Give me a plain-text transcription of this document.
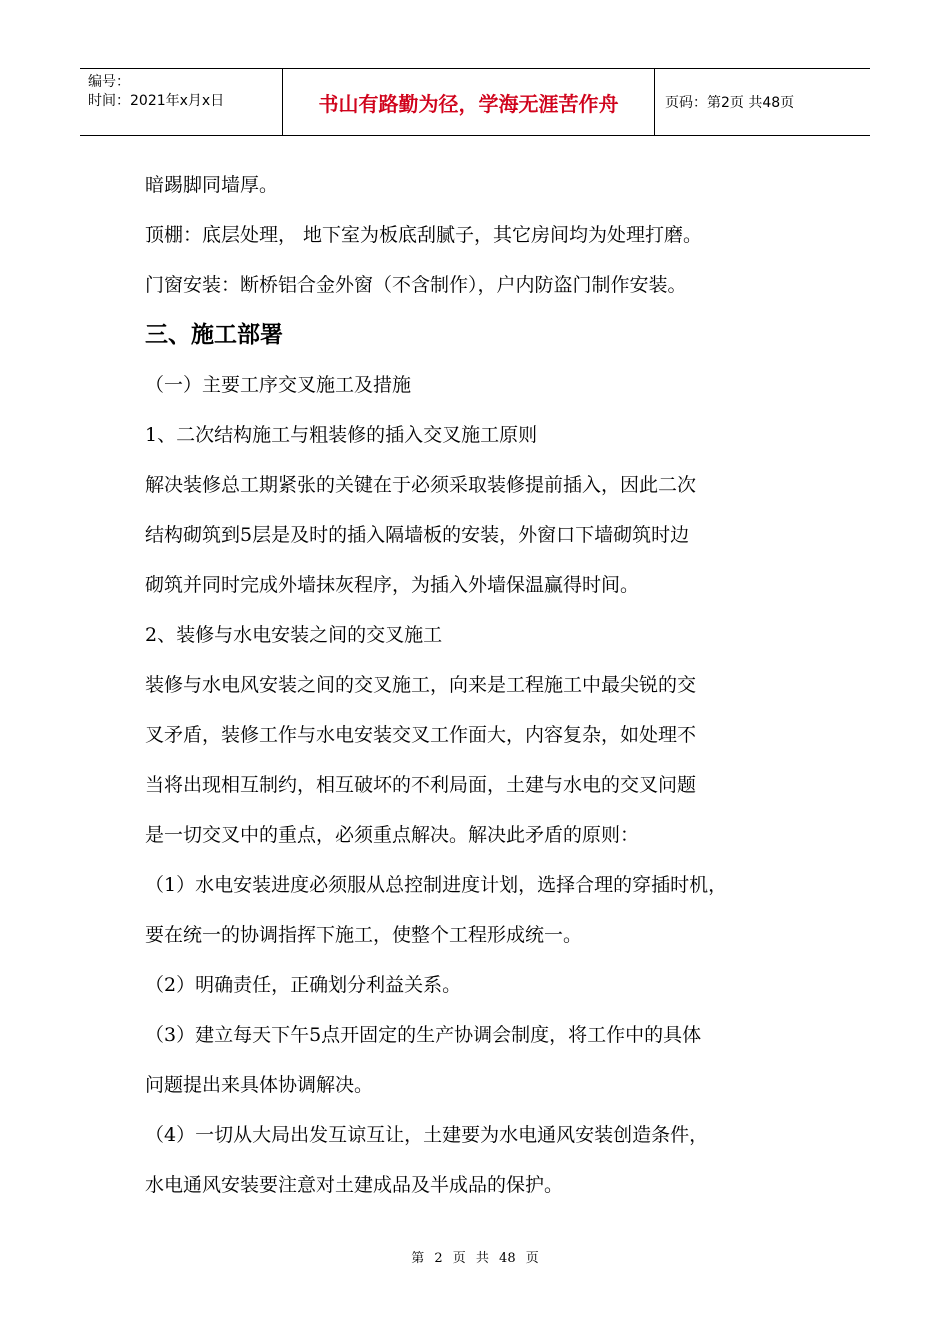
编号：
时间：2021年x月x日	书山有路勤为径，学海无涯苦作舟	页码：第2页 共48页
暗踢脚同墙厚。
顶棚：底层处理， 地下室为板底刮腻子，其它房间均为处理打磨。
门窗安装：断桥铝合金外窗（不含制作），户内防盗门制作安装。
三、施工部署
（一）主要工序交叉施工及措施
1、二次结构施工与粗装修的插入交叉施工原则
解决装修总工期紧张的关键在于必须采取装修提前插入，因此二次
结构砌筑到5层是及时的插入隔墙板的安装，外窗口下墙砌筑时边
砌筑并同时完成外墙抹灰程序，为插入外墙保温赢得时间。
2、装修与水电安装之间的交叉施工
装修与水电风安装之间的交叉施工，向来是工程施工中最尖锐的交
叉矛盾，装修工作与水电安装交叉工作面大，内容复杂，如处理不
当将出现相互制约，相互破坏的不利局面，土建与水电的交叉问题
是一切交叉中的重点，必须重点解决。解决此矛盾的原则：
（1）水电安装进度必须服从总控制进度计划，选择合理的穿插时机，
要在统一的协调指挥下施工，使整个工程形成统一。
（2）明确责任，正确划分利益关系。
（3）建立每天下午5点开固定的生产协调会制度，将工作中的具体
问题提出来具体协调解决。
（4）一切从大局出发互谅互让，土建要为水电通风安装创造条件，
水电通风安装要注意对土建成品及半成品的保护。
第 2 页 共 48 页
